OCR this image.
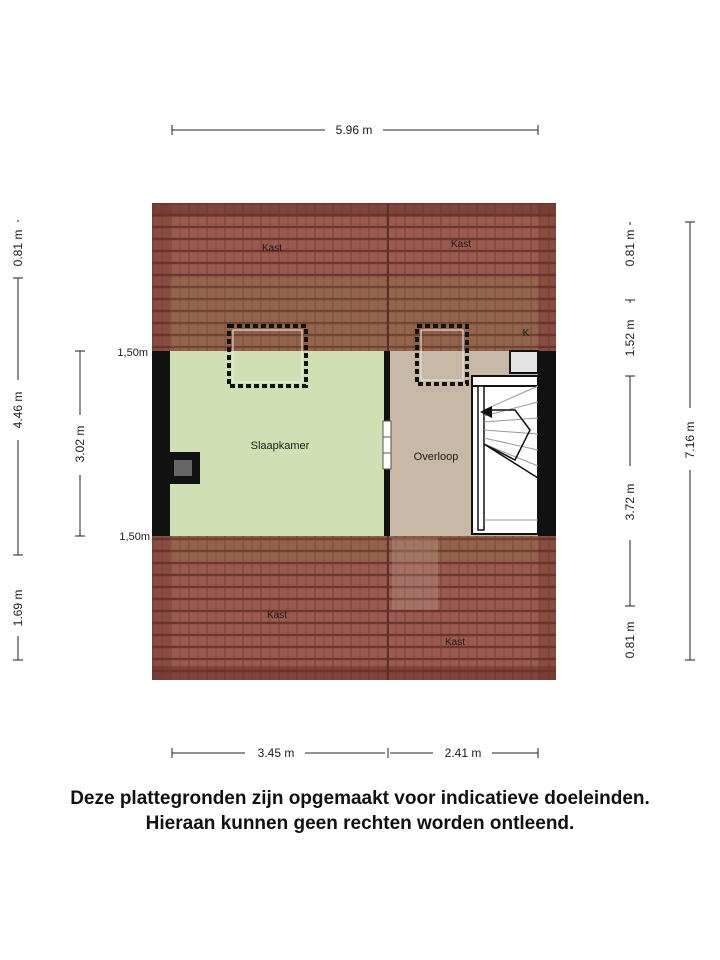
Kast	Kast
K
Slaapkamer
Overloop
Kast
Kast
1,50m
1,50m
5.96 m
3.45 m	2.41 m
0.81 m
4.46 m
1.69 m
3.02 m
0.81 m
1.52 m
3.72 m
0.81 m
7.16 m
Deze plattegronden zijn opgemaakt voor indicatieve doeleinden.
Hieraan kunnen geen rechten worden ontleend.
